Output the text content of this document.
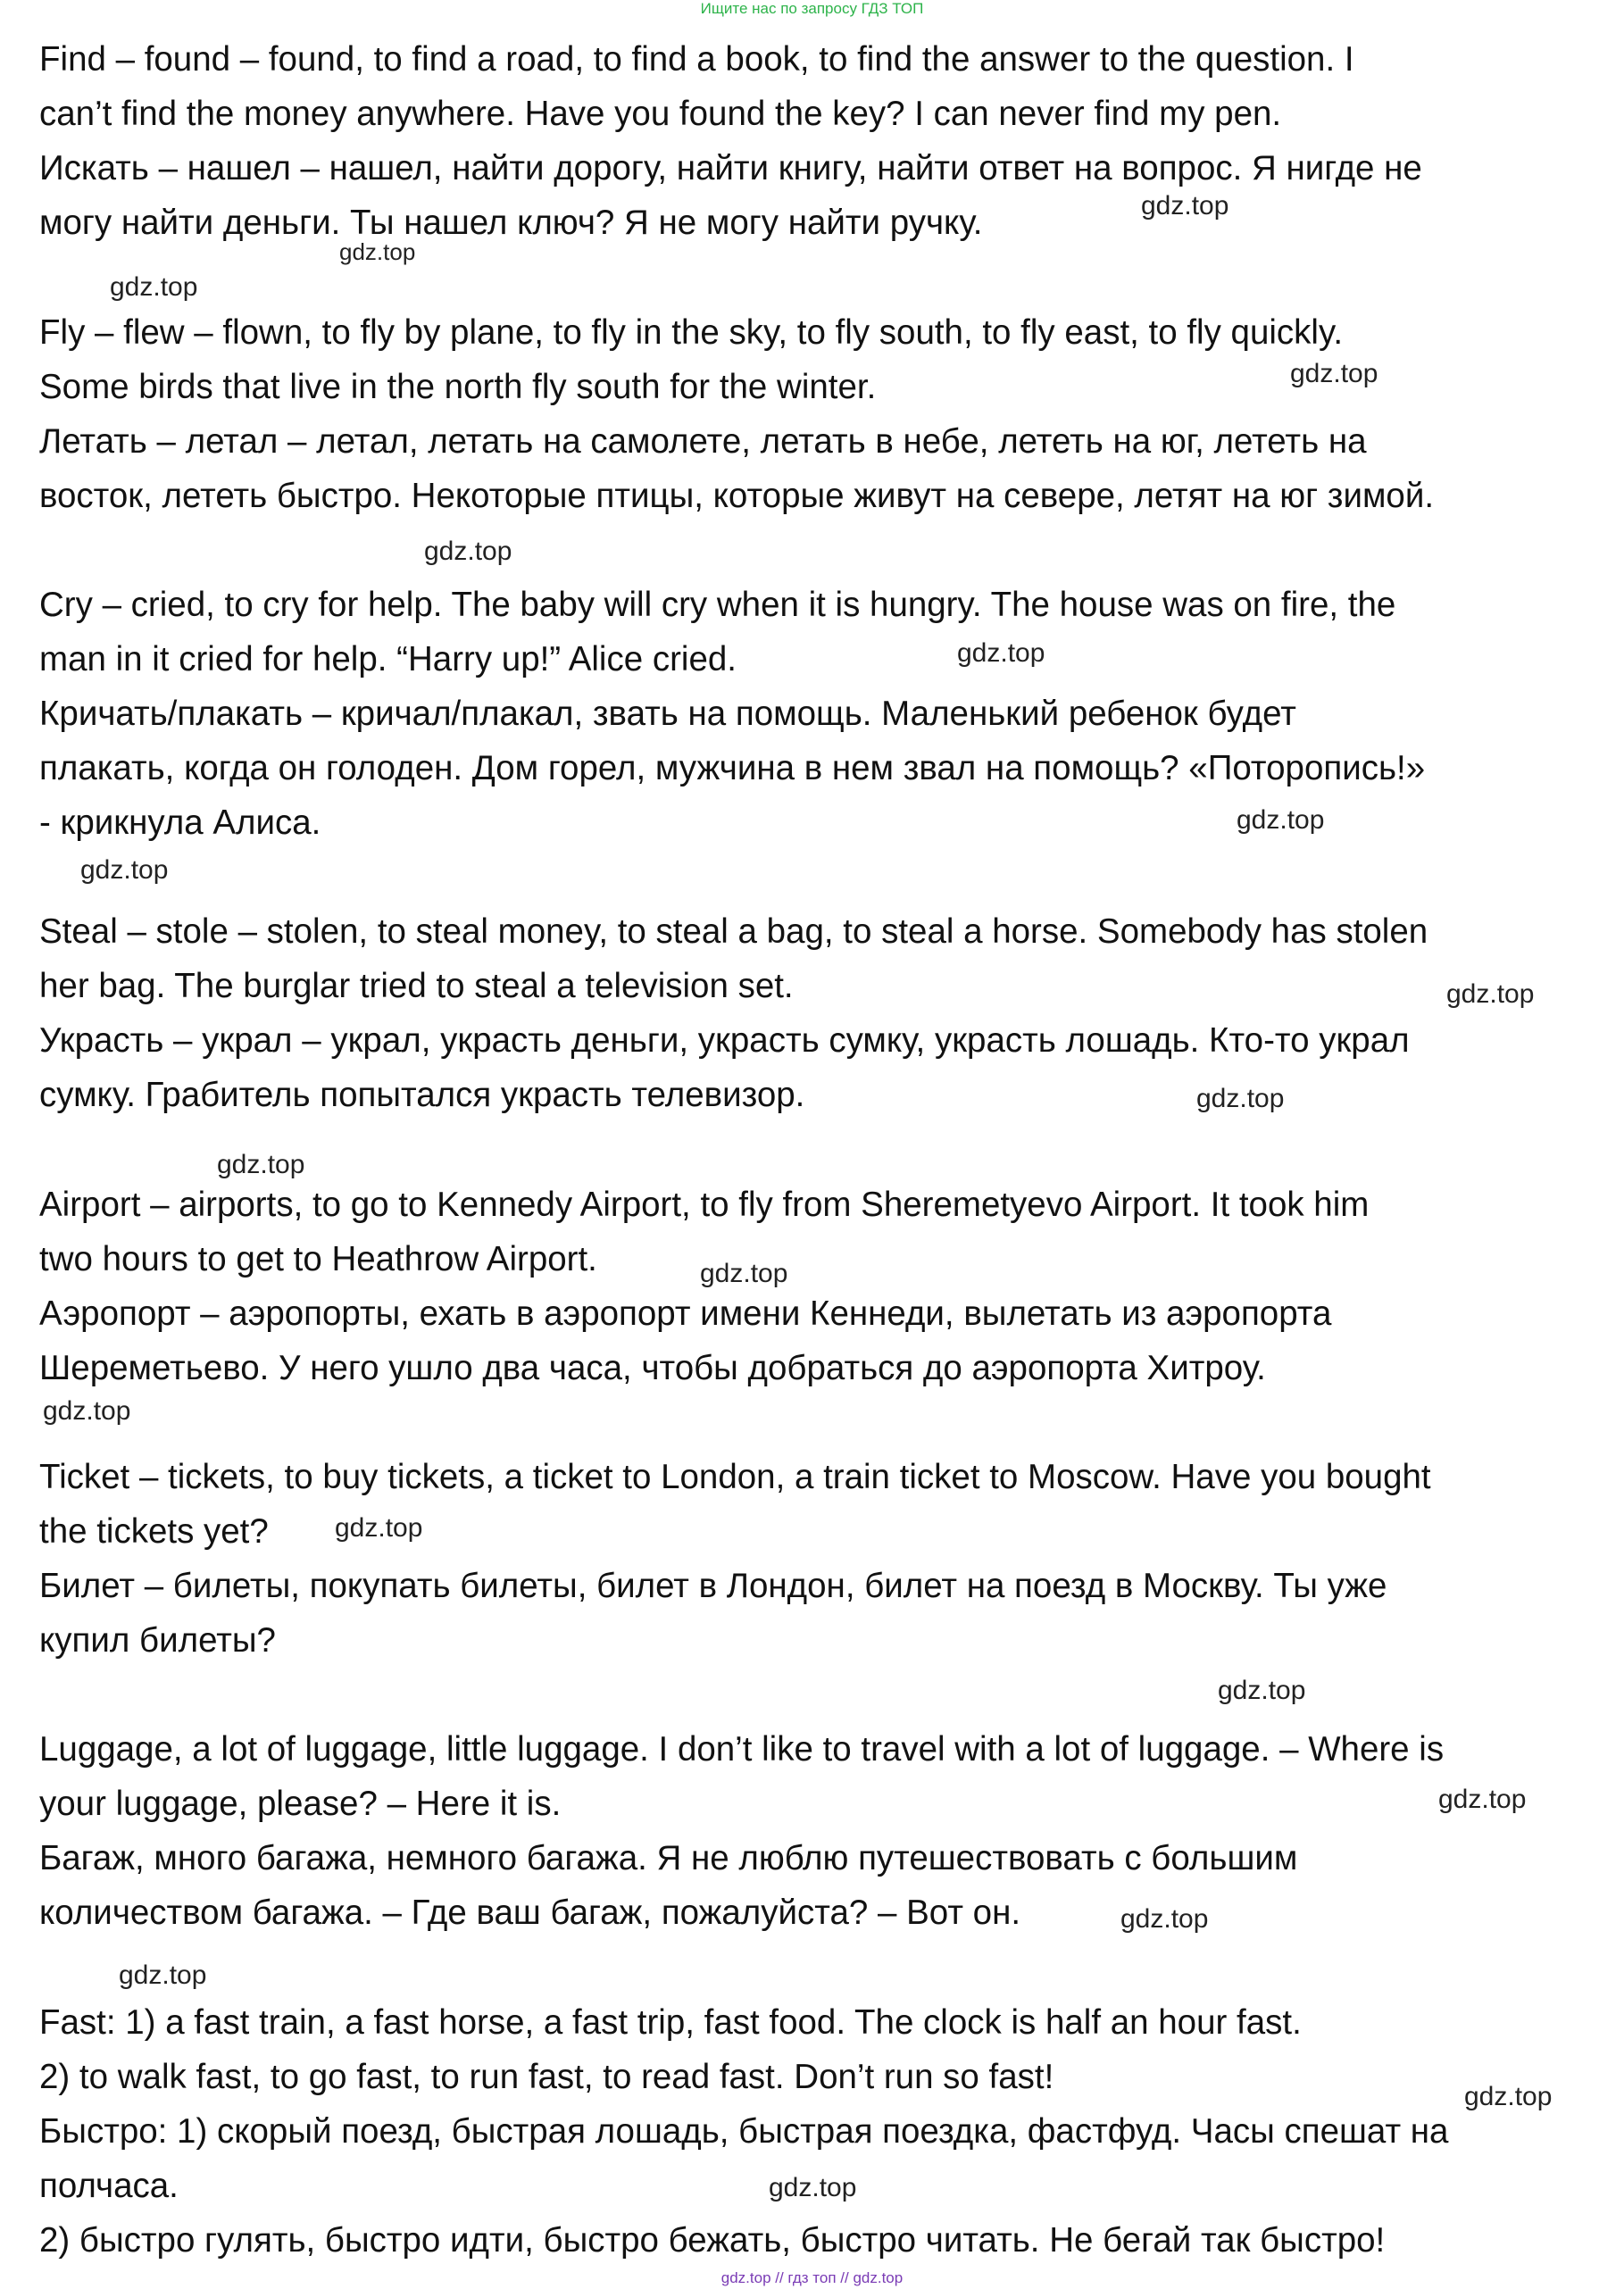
Ищите нас по запросу ГДЗ ТОП

Find – found – found, to find a road, to find a book, to find the answer to the question. I

can’t find the money anywhere. Have you found the key? I can never find my pen.

Искать – нашел – нашел, найти дорогу, найти книгу, найти ответ на вопрос. Я нигде не

могу найти деньги. Ты нашел ключ? Я не могу найти ручку.

Fly – flew – flown, to fly by plane, to fly in the sky, to fly south, to fly east, to fly quickly.

Some birds that live in the north fly south for the winter.

Летать – летал – летал, летать на самолете, летать в небе, лететь на юг, лететь на

восток, лететь быстро. Некоторые птицы, которые живут на севере, летят на юг зимой.

Cry – cried, to cry for help. The baby will cry when it is hungry. The house was on fire, the

man in it cried for help. “Harry up!” Alice cried.

Кричать/плакать – кричал/плакал, звать на помощь. Маленький ребенок будет

плакать, когда он голоден. Дом горел, мужчина в нем звал на помощь? «Поторопись!»

- крикнула Алиса.

Steal – stole – stolen, to steal money, to steal a bag, to steal a horse. Somebody has stolen

her bag. The burglar tried to steal a television set.

Украсть – украл – украл, украсть деньги, украсть сумку, украсть лошадь. Кто-то украл

сумку. Грабитель попытался украсть телевизор.

Airport – airports, to go to Kennedy Airport, to fly from Sheremetyevo Airport. It took him

two hours to get to Heathrow Airport.

Аэропорт – аэропорты, ехать в аэропорт имени Кеннеди, вылетать из аэропорта

Шереметьево. У него ушло два часа, чтобы добраться до аэропорта Хитроу.

Ticket – tickets, to buy tickets, a ticket to London, a train ticket to Moscow. Have you bought

the tickets yet?

Билет – билеты, покупать билеты, билет в Лондон, билет на поезд в Москву. Ты уже

купил билеты?

Luggage, a lot of luggage, little luggage. I don’t like to travel with a lot of luggage. – Where is

your luggage, please? – Here it is.

Багаж, много багажа, немного багажа. Я не люблю путешествовать с большим

количеством багажа. – Где ваш багаж, пожалуйста? – Вот он.

Fast: 1) a fast train, a fast horse, a fast trip, fast food. The clock is half an hour fast.

2) to walk fast, to go fast, to run fast, to read fast. Don’t run so fast!

Быстро: 1) скорый поезд, быстрая лошадь, быстрая поездка, фастфуд. Часы спешат на

полчаса.

2) быстро гулять, быстро идти, быстро бежать, быстро читать. Не бегай так быстро!

gdz.top
gdz.top
gdz.top
gdz.top
gdz.top
gdz.top
gdz.top
gdz.top
gdz.top
gdz.top
gdz.top
gdz.top
gdz.top
gdz.top
gdz.top
gdz.top
gdz.top
gdz.top
gdz.top
gdz.top
gdz.top // гдз топ // gdz.top
